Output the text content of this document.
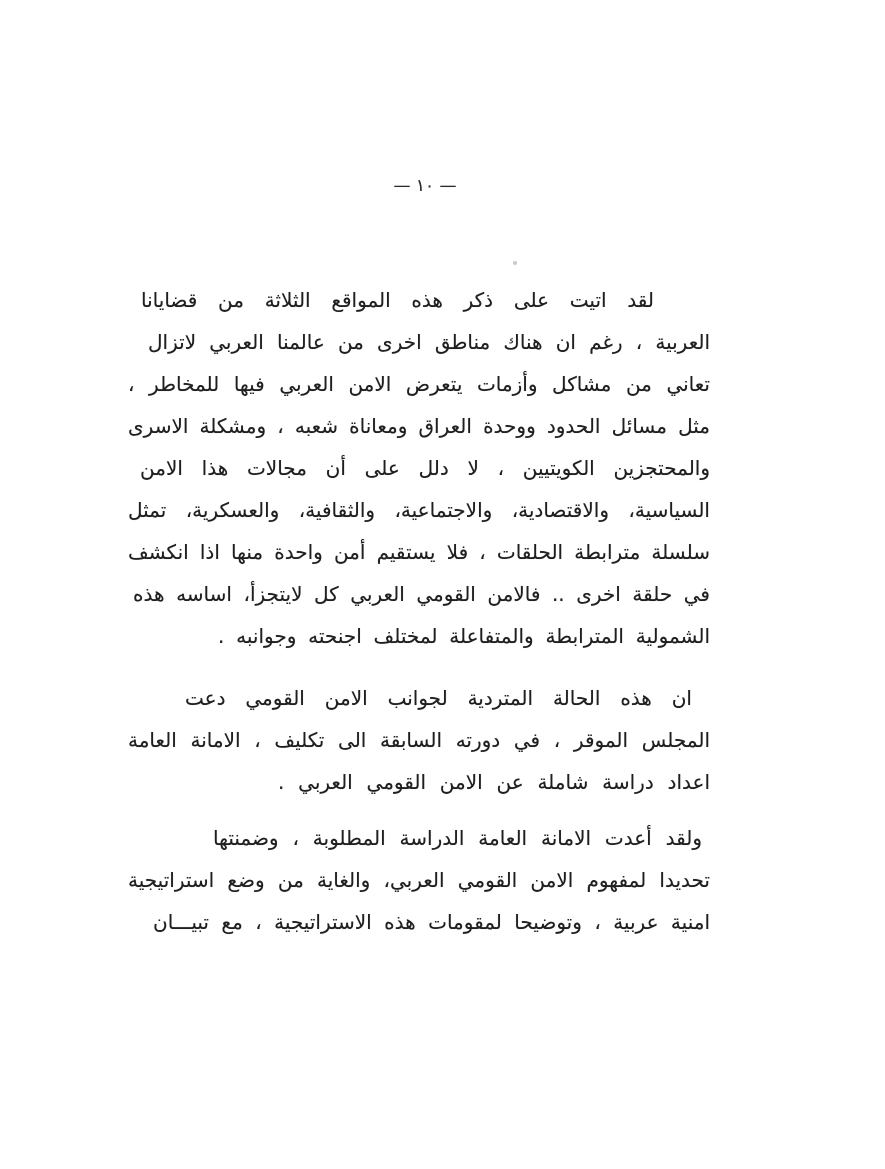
— ١٠ —
لقد اتيت على ذكر هذه المواقع الثلاثة من قضايانا
العربية ، رغم ان هناك مناطق اخرى من عالمنا العربي لاتزال
تعاني من مشاكل وأزمات يتعرض الامن العربي فيها للمخاطر ،
مثل مسائل الحدود ووحدة العراق ومعاناة شعبه ، ومشكلة الاسرى
والمحتجزين الكويتيين ، لا دلل على أن مجالات هذا الامن
السياسية، والاقتصادية، والاجتماعية، والثقافية، والعسكرية، تمثل
سلسلة مترابطة الحلقات ، فلا يستقيم أمن واحدة منها اذا انكشف
في حلقة اخرى .. فالامن القومي العربي كل لايتجزأ، اساسه هذه
الشمولية المترابطة والمتفاعلة لمختلف اجنحته وجوانبه .
ان هذه الحالة المتردية لجوانب الامن القومي دعت
المجلس الموقر ، في دورته السابقة الى تكليف ، الامانة العامة
اعداد دراسة شاملة عن الامن القومي العربي .
ولقد أعدت الامانة العامة الدراسة المطلوبة ، وضمنتها
تحديدا لمفهوم الامن القومي العربي، والغاية من وضع استراتيجية
امنية عربية ، وتوضيحا لمقومات هذه الاستراتيجية ، مع تبيـــان
